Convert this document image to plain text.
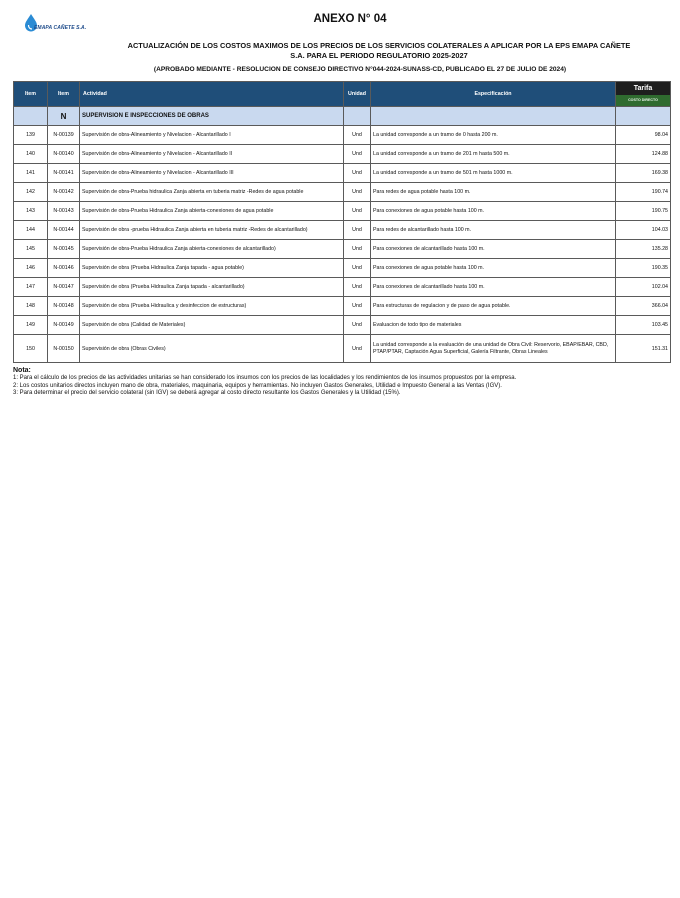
EMAPA CAÑETE S.A.
ANEXO N° 04
ACTUALIZACIÓN DE LOS COSTOS MAXIMOS DE LOS PRECIOS DE LOS SERVICIOS COLATERALES A APLICAR POR LA EPS EMAPA CAÑETE
S.A. PARA EL PERIODO REGULATORIO 2025-2027
(APROBADO MEDIANTE - RESOLUCION DE CONSEJO DIRECTIVO N°044-2024-SUNASS-CD, PUBLICADO EL 27 DE JULIO DE 2024)
Item	Item	Actividad	Unidad	Especificación	Tarifa
COSTO DIRECTO

	N	SUPERVISION E INSPECCIONES DE OBRAS			
139	N-00139	Supervisión de obra-Alineamiento y Nivelacion - Alcantarillado I	Und	La unidad corresponde a un tramo de 0 hasta 200 m.	98.04
140	N-00140	Supervisión de obra-Alineamiento y Nivelacion - Alcantarillado II	Und	La unidad corresponde a un tramo de 201 m hasta 500 m.	124.88
141	N-00141	Supervisión de obra-Alineamiento y Nivelacion - Alcantarillado III	Und	La unidad corresponde a un tramo de 501 m hasta 1000 m.	169.38
142	N-00142	Supervisión de obra-Prueba hidraulica Zanja abierta en tuberia matriz -Redes de agua potable	Und	Para redes de agua potable hasta 100 m.	190.74
143	N-00143	Supervisión de obra-Prueba Hidraulica Zanja abierta-conexiones de agua potable	Und	Para conexiones de agua potable hasta 100 m.	190.75
144	N-00144	Supervisión de obra -prueba Hidraulica Zanja abierta en tuberia matriz -Redes de alcantarillado)	Und	Para redes de alcantarillado hasta 100 m.	104.03
145	N-00145	Supervisión de obra-Prueba Hidraulica Zanja abierta-conexiones de alcantarillado)	Und	Para conexiones de alcantarillado hasta 100 m.	135.28
146	N-00146	Supervisión de obra (Prueba Hidraulica Zanja tapada - agua potable)	Und	Para conexiones de agua potable hasta 100 m.	190.35
147	N-00147	Supervisión de obra (Prueba Hidraulica Zanja tapada - alcantarillado)	Und	Para conexiones de alcantarillado hasta 100 m.	102.04
148	N-00148	Supervisión de obra (Prueba Hidraulica y desinfeccion de estructuras)	Und	Para estructuras de regulacion y de paso de agua potable.	366.04
149	N-00149	Supervisión de obra (Calidad de Materiales)	Und	Evaluacion de todo tipo de materiales	103.45
150	N-00150	Supervisión de obra (Obras Civiles)	Und	La unidad corresponde a la evaluación de una unidad de Obra Civil: Reservorio, EBAP/EBAR, CBD, PTAP/PTAR, Captación Agua Superficial, Galería Filtrante, Obras Lineales	151.31
Nota:
1: Para el cálculo de los precios de las actividades unitarias se han considerado los insumos con los precios de las localidades y los rendimientos de los insumos propuestos por la empresa.
2: Los costos unitarios directos incluyen mano de obra, materiales, maquinaria, equipos y herramientas. No incluyen Gastos Generales, Utilidad e Impuesto General a las Ventas (IGV).
3: Para determinar el precio del servicio colateral (sin IGV) se deberá agregar al costo directo resultante los Gastos Generales y la Utilidad (15%).
